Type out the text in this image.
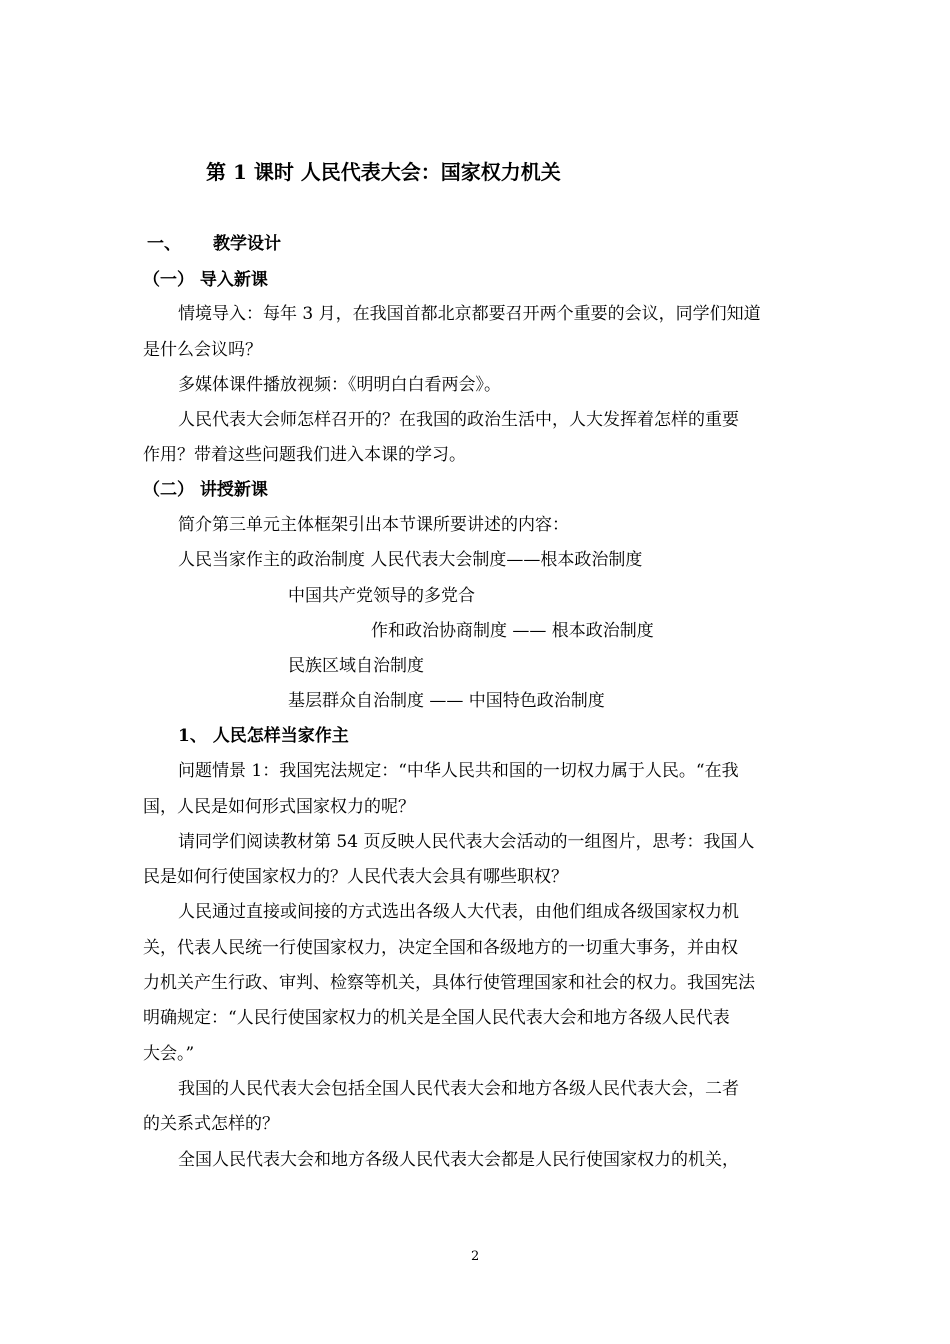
第 1 课时 人民代表大会：国家权力机关
一、 教学设计
（一） 导入新课
情境导入：每年 3 月，在我国首都北京都要召开两个重要的会议，同学们知道
是什么会议吗？
多媒体课件播放视频：《明明白白看两会》。
人民代表大会师怎样召开的？在我国的政治生活中，人大发挥着怎样的重要
作用？带着这些问题我们进入本课的学习。
（二） 讲授新课
简介第三单元主体框架引出本节课所要讲述的内容：
人民当家作主的政治制度 人民代表大会制度——根本政治制度
中国共产党领导的多党合
作和政治协商制度 —— 根本政治制度
民族区域自治制度
基层群众自治制度 —— 中国特色政治制度
1、 人民怎样当家作主
问题情景 1：我国宪法规定：“中华人民共和国的一切权力属于人民。“在我
国，人民是如何形式国家权力的呢？
请同学们阅读教材第 54 页反映人民代表大会活动的一组图片，思考：我国人
民是如何行使国家权力的？人民代表大会具有哪些职权？
人民通过直接或间接的方式选出各级人大代表，由他们组成各级国家权力机
关，代表人民统一行使国家权力，决定全国和各级地方的一切重大事务，并由权
力机关产生行政、审判、检察等机关，具体行使管理国家和社会的权力。我国宪法
明确规定：“人民行使国家权力的机关是全国人民代表大会和地方各级人民代表
大会。”
我国的人民代表大会包括全国人民代表大会和地方各级人民代表大会，二者
的关系式怎样的？
全国人民代表大会和地方各级人民代表大会都是人民行使国家权力的机关，
2
